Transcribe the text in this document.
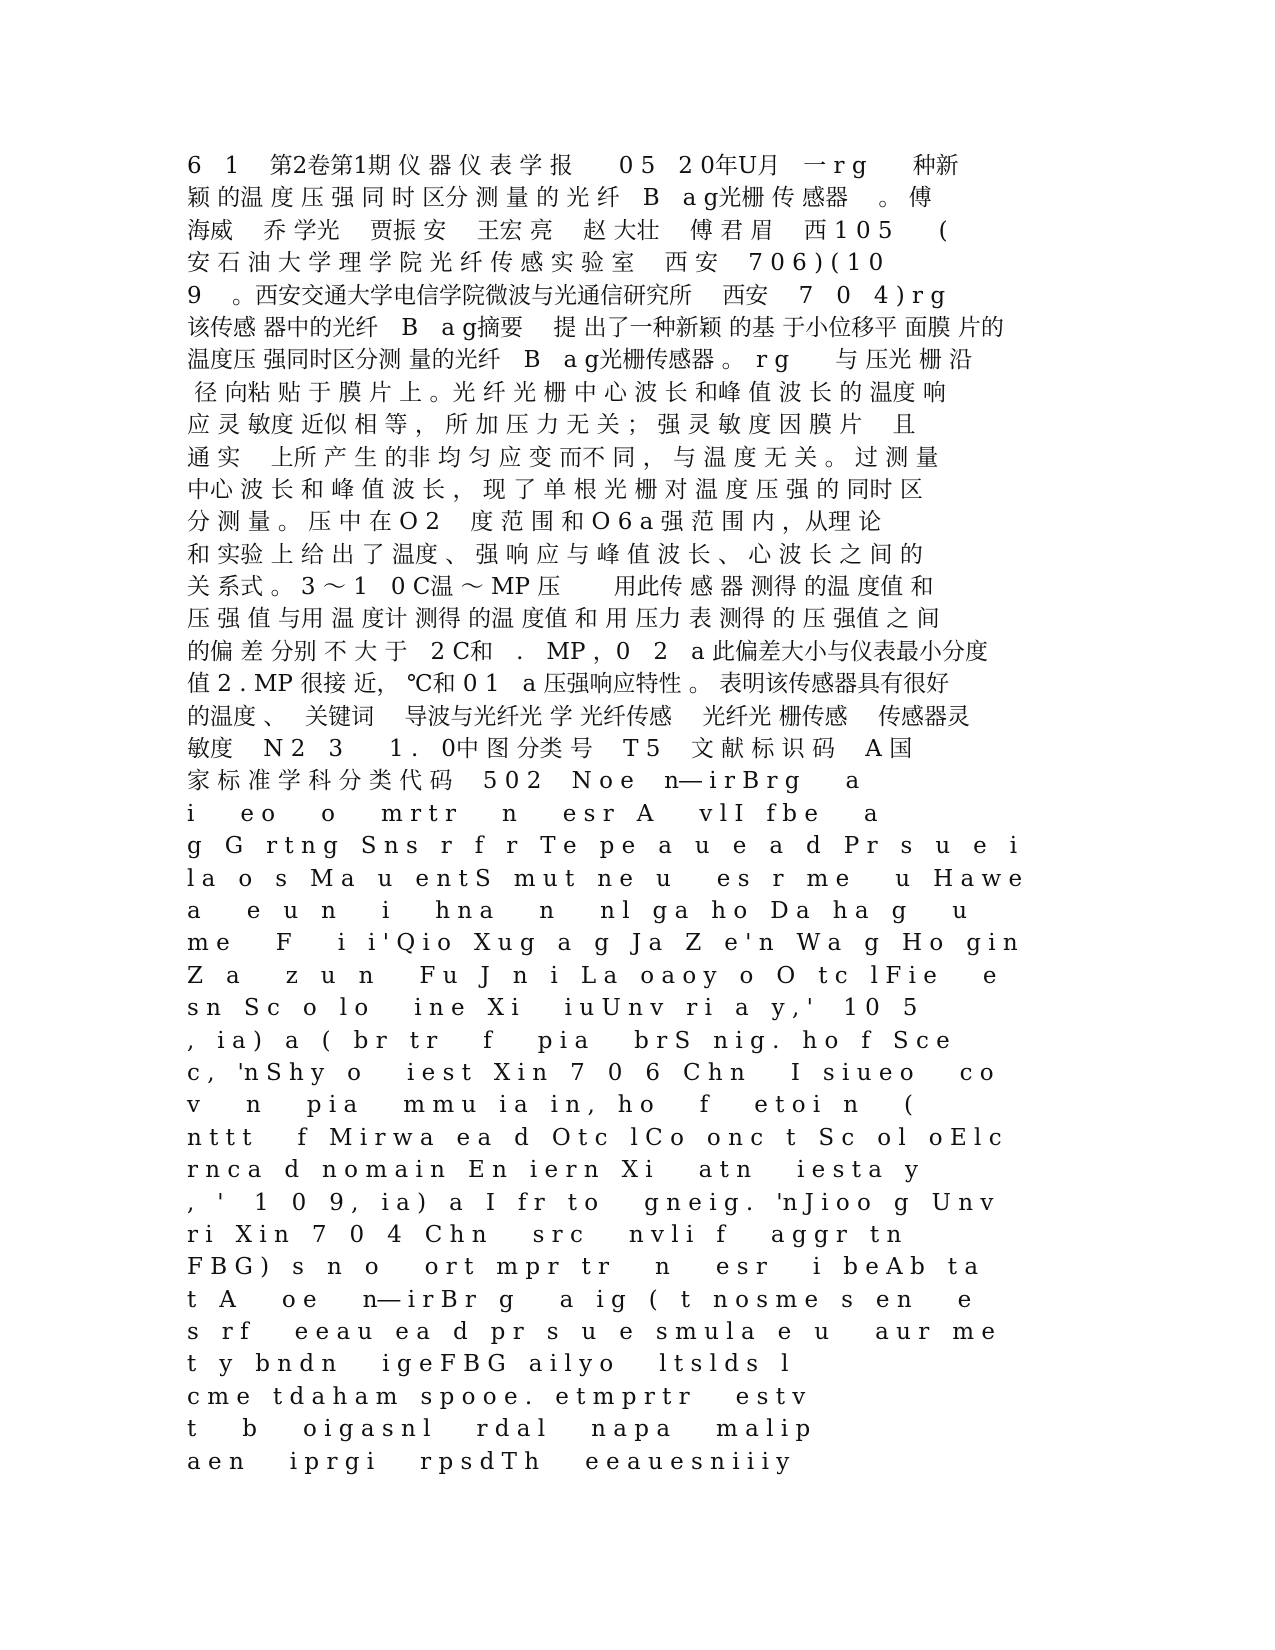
6　1　 第2卷第1期 仪 器 仪 表 学 报　　0 5　2 0年U月　一 r g　　种新
颖 的温 度 压 强 同 时 区分 测 量 的 光 纤　B　a g光栅 传 感器　 。 傅
海威　 乔 学光　 贾振 安　 王宏 亮　 赵 大壮　 傅 君 眉　 西 1 0 5　　(
安 石 油 大 学 理 学 院 光 纤 传 感 实 验 室　 西 安　 7 0 6 ) ( 1 0
9　 。西安交通大学电信学院微波与光通信研究所　 西安　 7　0　4 ) r g
该传感 器中的光纤　B　a g摘要　 提 出了一种新颖 的基 于小位移平 面膜 片的
温度压 强同时区分测 量的光纤　B　a g光栅传感器 。　r g　　与 压光 栅 沿
径 向粘 贴 于 膜 片 上 。光 纤 光 栅 中 心 波 长 和峰 值 波 长 的 温度 响
应 灵 敏度 近似 相 等 ， 所 加 压 力 无 关 ； 强 灵 敏 度 因 膜 片　 且
通 实　 上所 产 生 的非 均 匀 应 变 而不 同 ， 与 温 度 无 关 。 过 测 量
中心 波 长 和 峰 值 波 长 ， 现 了 单 根 光 栅 对 温 度 压 强 的 同时 区
分 测 量 。 压 中 在 O 2　 度 范 围 和 O 6 a 强 范 围 内 ，从理 论
和 实验 上 给 出 了 温度 、 强 响 应 与 峰 值 波 长 、 心 波 长 之 间 的
关 系式 。 3 ～ 1　0 C温 ～ MP 压　　 用此传 感 器 测得 的温 度值 和
压 强 值 与用 温 度计 测得 的温 度值 和 用 压力 表 测得 的 压 强值 之 间
的偏 差 分别 不 大 于　2 C和　.　MP ，0　2　a 此偏差大小与仪表最小分度
值 2 . MP 很接 近， ℃和 0 1　a 压强响应特性 。 表明该传感器具有很好
的温度 、　 关键词　 导波与光纤光 学 光纤传感　 光纤光 栅传感　 传感器灵
敏度　 N 2　3　　1 .　0中 图 分类 号　 T 5　 文 献 标 识 码　 A 国
家 标 准 学 科 分 类 代 码　 5 0 2　 N o e　 n― i r B r g　　a
i　　e o　　o　　m r t r　　n　　e s r　A　　v l I　f b e　　a
g　G　r t n g　S n s　r　f　r　T e　p e　a　u　e　a　d　P r　s　u　e　i
l a　o　s　M a　u　e n t S　m u t　n e　u　　e s　r　m e　　u　H a w e
a　　e　u　n　　i　　h n a　　n　　n l　g a　h o　D a　h a　g　　u
m e　　F　　i　i ' Q i o　X u g　a　g　J a　Z　e ' n　W a　g　H o　g i n
Z　a　　z　u　n　　F u　J　n　i　L a　o a o y　o　O　t c　l F i e　　e
s n　S c　o　l o　　i n e　X i　　i u U n v　r i　a　y , '　 1 0　5
,　i a )　a　(　b r　t r　　f　　p i a　　b r S　n i g .　h o　f　S c e
c ,　'n S h y　o　　i e s t　X i n　7　0　6　C h n　　I　s i u e o　　c o
v　　n　　p i a　　m m u　i a　i n ,　h o　　f　　e t o i　n　　(
n t t t　　f　M i r w a　e a　d　O t c　l C o　o n c　t　S c　o l　o E l c
r n c a　d　n o m a i n　E n　i e r n　X i　　a t n　　i e s t a　y
,　'　 1　0　9 ,　i a )　a　I　f r　t o　　g n e i g .　'n J i o o　g　U n v
r i　X i n　7　0　4　C h n　　s r c　　n v l i　f　　a g g r　t n
F B G )　s　n　o　　o r t　m p r　t r　　n　　e s r　　i　b e A b　t a
t　A　　o e　　n― i r B r　g　　a　i g　(　t　n o s m e　s　e n　　e
s　r f　　e e a u　e a　d　p r　s　u　e　s m u l a　e　u　　a u r　m e
t　y　b n d n　　i g e F B G　a i l y o　　l t s l d s　l
c m e　t d a h a m　s p o o e .　e t m p r t r　　e s t v
t　　b　　o i g a s n l　　r d a l　　n a p a　　m a l i p
a e n　　i p r g i　　r p s d T h　　e e a u e s n i i i y
